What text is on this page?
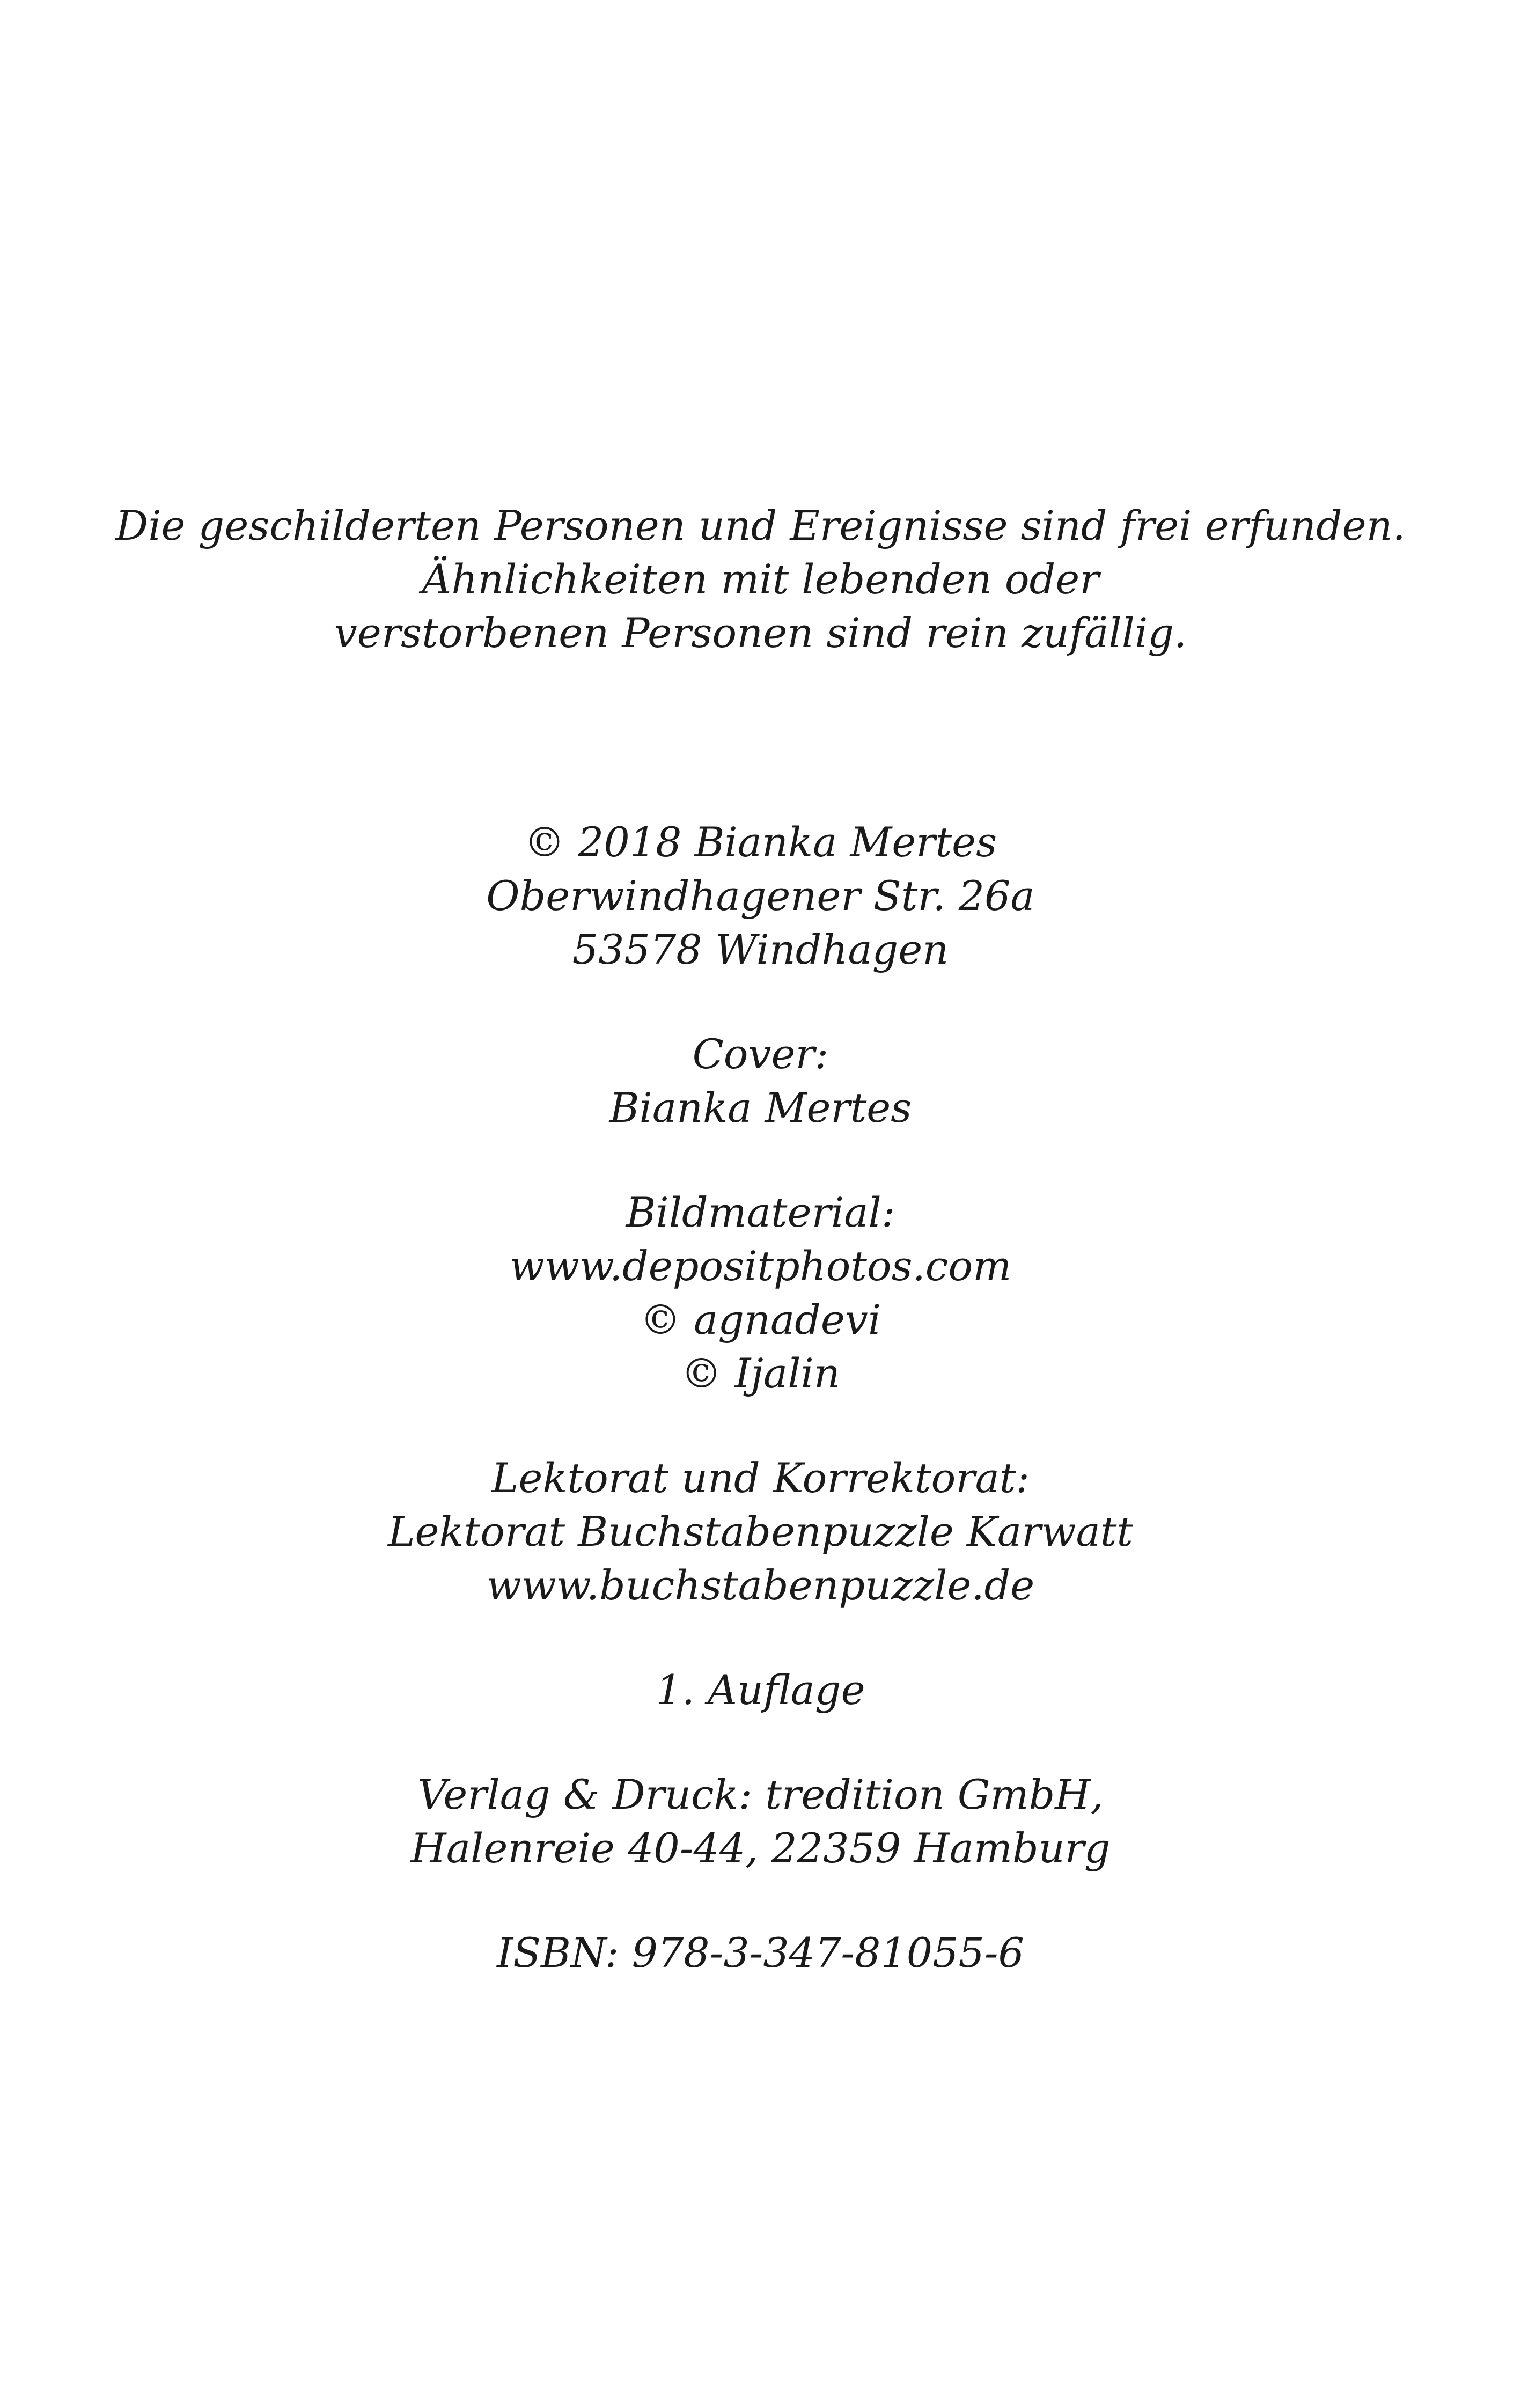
Die geschilderten Personen und Ereignisse sind frei erfunden.
Ähnlichkeiten mit lebenden oder
verstorbenen Personen sind rein zufällig.
© 2018 Bianka Mertes
Oberwindhagener Str. 26a
53578 Windhagen
Cover:
Bianka Mertes
Bildmaterial:
www.depositphotos.com
© agnadevi
© Ijalin
Lektorat und Korrektorat:
Lektorat Buchstabenpuzzle Karwatt
www.buchstabenpuzzle.de
1. Auflage
Verlag & Druck: tredition GmbH,
Halenreie 40-44, 22359 Hamburg
ISBN: 978-3-347-81055-6
